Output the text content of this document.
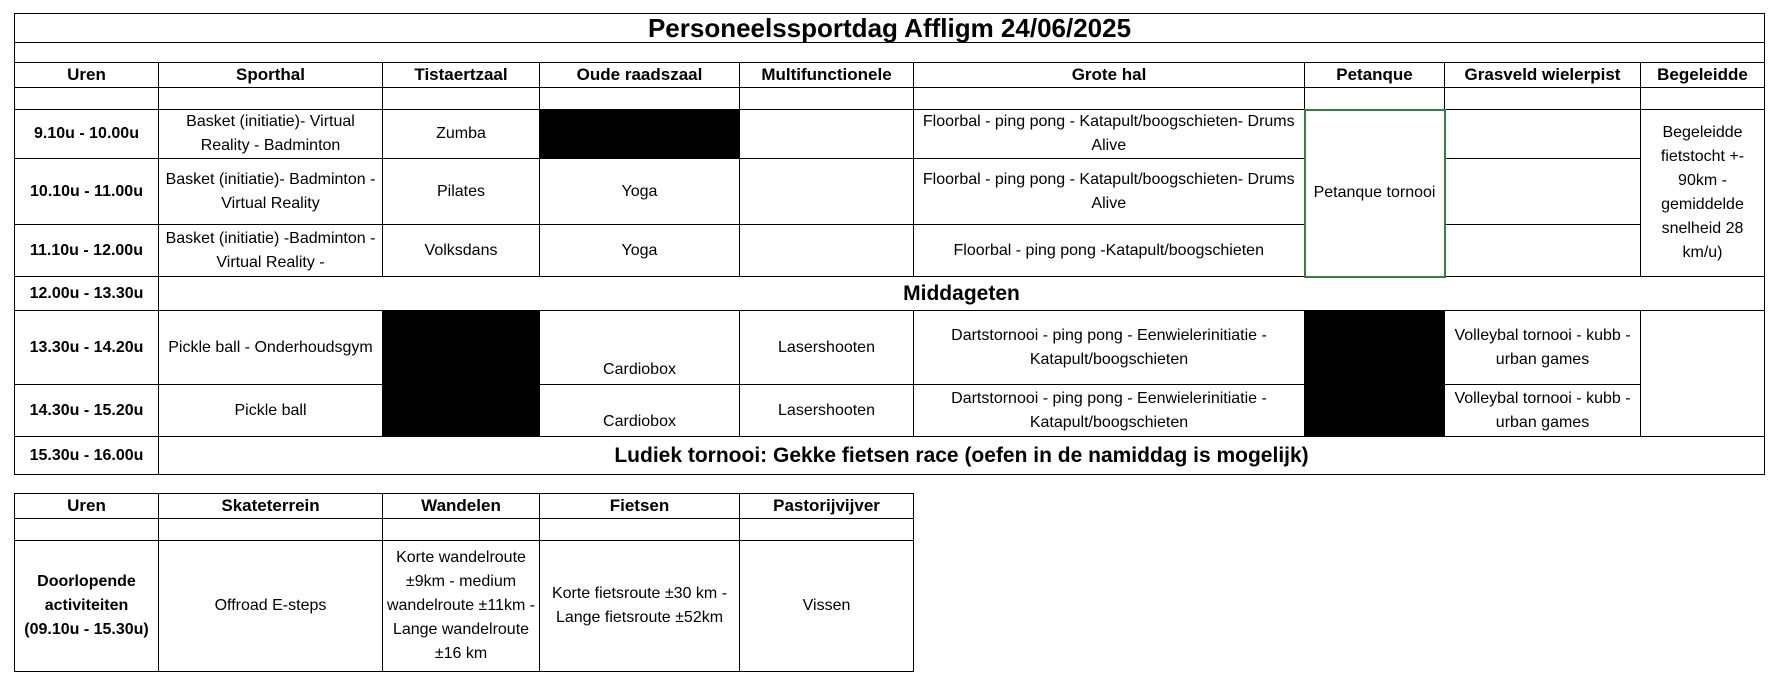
Personeelssportdag Affligm 24/06/2025								

Uren	Sporthal	Tistaertzaal	Oude raadszaal	Multifunctionele	Grote hal	Petanque	Grasveld wielerpist	Begeleidde

9.10u - 10.00u	Basket (initiatie)- Virtual Reality - Badminton	Zumba			Floorbal - ping pong - Katapult/boogschieten- Drums Alive	Petanque tornooi		Begeleidde fietstocht +- 90km - gemiddelde snelheid 28 km/u)
10.10u - 11.00u	Basket (initiatie)- Badminton - Virtual Reality	Pilates	Yoga		Floorbal - ping pong - Katapult/boogschieten- Drums Alive			
11.10u - 12.00u	Basket (initiatie) -Badminton - Virtual Reality -	Volksdans	Yoga		Floorbal - ping pong -Katapult/boogschieten			
12.00u - 13.30u	Middageten							
13.30u - 14.20u	Pickle ball - Onderhoudsgym		Cardiobox	Lasershooten	Dartstornooi - ping pong - Eenwielerinitiatie - Katapult/boogschieten		Volleybal tornooi - kubb - urban games	
14.30u - 15.20u	Pickle ball		Cardiobox	Lasershooten	Dartstornooi - ping pong - Eenwielerinitiatie - Katapult/boogschieten		Volleybal tornooi - kubb - urban games	
15.30u - 16.00u	Ludiek tornooi: Gekke fietsen race (oefen in de namiddag is mogelijk)							
Uren	Skateterrein	Wandelen	Fietsen	Pastorijvijver

Doorlopende activiteiten (09.10u - 15.30u)	Offroad E-steps	Korte wandelroute ±9km - medium wandelroute ±11km - Lange wandelroute ±16 km	Korte fietsroute ±30 km - Lange fietsroute ±52km	Vissen
